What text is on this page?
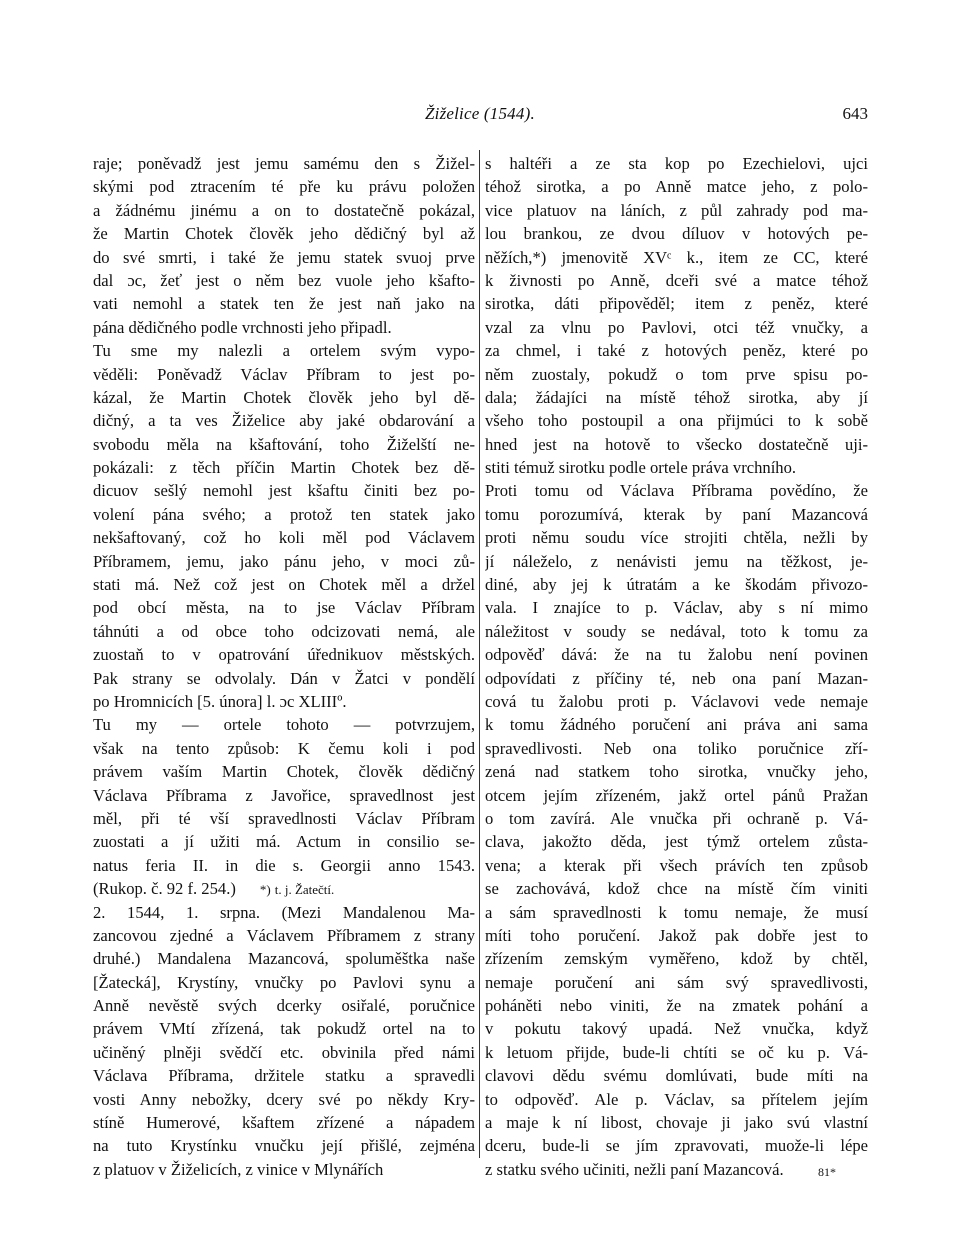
Žiželice (1544).	643
raje; poněvadž jest jemu samému den s Žižel-
skými pod ztracením té pře ku právu položen
a žádnému jinému a on to dostatečně pokázal,
že Martin Chotek člověk jeho dědičný byl až
do své smrti, i také že jemu statek svuoj prve
dal ɔc, žeť jest o něm bez vuole jeho kšafto-
vati nemohl a statek ten že jest naň jako na
pána dědičného podle vrchnosti jeho připadl.
Tu sme my nalezli a ortelem svým vypo-
věděli: Poněvadž Václav Příbram to jest po-
kázal, že Martin Chotek člověk jeho byl dě-
dičný, a ta ves Žiželice aby jaké obdarování a
svobodu měla na kšaftování, toho Žiželští ne-
pokázali: z těch příčin Martin Chotek bez dě-
dicuov sešlý nemohl jest kšaftu činiti bez po-
volení pána svého; a protož ten statek jako
nekšaftovaný, což ho koli měl pod Václavem
Příbramem, jemu, jako pánu jeho, v moci zů-
stati má. Než což jest on Chotek měl a držel
pod obcí města, na to jse Václav Příbram
táhnúti a od obce toho odcizovati nemá, ale
zuostaň to v opatrování úřednikuov městských.
Pak strany se odvolaly. Dán v Žatci v pondělí
po Hromnicích [5. února] l. ɔc XLIIIº.
Tu my — ortele tohoto — potvrzujem,
však na tento způsob: K čemu koli i pod
právem vaším Martin Chotek, člověk dědičný
Václava Příbrama z Javořice, spravedlnost jest
měl, při té vší spravedlnosti Václav Příbram
zuostati a jí užiti má. Actum in consilio se-
natus feria II. in die s. Georgii anno 1543.
(Rukop. č. 92 f. 254.) *) t. j. Žatečtí.
2. 1544, 1. srpna. (Mezi Mandalenou Ma-
zancovou zjedné a Václavem Příbramem z strany
druhé.) Mandalena Mazancová, spoluměštka naše
[Žatecká], Krystíny, vnučky po Pavlovi synu a
Anně nevěstě svých dcerky osiřalé, poručnice
právem VMtí zřízená, tak pokudž ortel na to
učiněný plněji svědčí etc. obvinila před námi
Václava Příbrama, držitele statku a spravedli
vosti Anny nebožky, dcery své po někdy Kry-
stíně Humerové, kšaftem zřízené a nápadem
na tuto Krystínku vnučku její přišlé, zejména
z platuov v Žiželicích, z vinice v Mlynářích
s haltéři a ze sta kop po Ezechielovi, ujci
téhož sirotka, a po Anně matce jeho, z polo-
vice platuov na láních, z půl zahrady pod ma-
lou brankou, ze dvou díluov v hotových pe-
něžích,*) jmenovitě XVᶜ k., item ze CC, které
k živnosti po Anně, dceři své a matce téhož
sirotka, dáti připověděl; item z peněz, které
vzal za vlnu po Pavlovi, otci též vnučky, a
za chmel, i také z hotových peněz, které po
něm zuostaly, pokudž o tom prve spisu po-
dala; žádajíci na místě téhož sirotka, aby jí
všeho toho postoupil a ona přijmúci to k sobě
hned jest na hotově to všecko dostatečně uji-
stiti témuž sirotku podle ortele práva vrchního.
Proti tomu od Václava Příbrama povědíno, že
tomu porozumívá, kterak by paní Mazancová
proti němu soudu více strojiti chtěla, nežli by
jí náleželo, z nenávisti jemu na těžkost, je-
diné, aby jej k útratám a ke škodám přivozo-
vala. I znajíce to p. Václav, aby s ní mimo
náležitost v soudy se nedával, toto k tomu za
odpověď dává: že na tu žalobu není povinen
odpovídati z příčiny té, neb ona paní Mazan-
cová tu žalobu proti p. Václavovi vede nemaje
k tomu žádného poručení ani práva ani sama
spravedlivosti. Neb ona toliko poručnice zří-
zená nad statkem toho sirotka, vnučky jeho,
otcem jejím zřízeném, jakž ortel pánů Pražan
o tom zavírá. Ale vnučka při ochraně p. Vá-
clava, jakožto děda, jest týmž ortelem zůsta-
vena; a kterak při všech právích ten způsob
se zachovává, kdož chce na místě čím viniti
a sám spravedlnosti k tomu nemaje, že musí
míti toho poručení. Jakož pak dobře jest to
zřízením zemským vyměřeno, kdož by chtěl,
nemaje poručení ani sám svý spravedlivosti,
poháněti nebo viniti, že na zmatek pohání a
v pokutu takový upadá. Než vnučka, když
k letuom přijde, bude-li chtíti se oč ku p. Vá-
clavovi dědu svému domlúvati, bude míti na
to odpověď. Ale p. Václav, sa přítelem jejím
a maje k ní libost, chovaje ji jako svú vlastní
dceru, bude-li se jím zpravovati, muože-li lépe
z statku svého učiniti, nežli paní Mazancová.	81*
